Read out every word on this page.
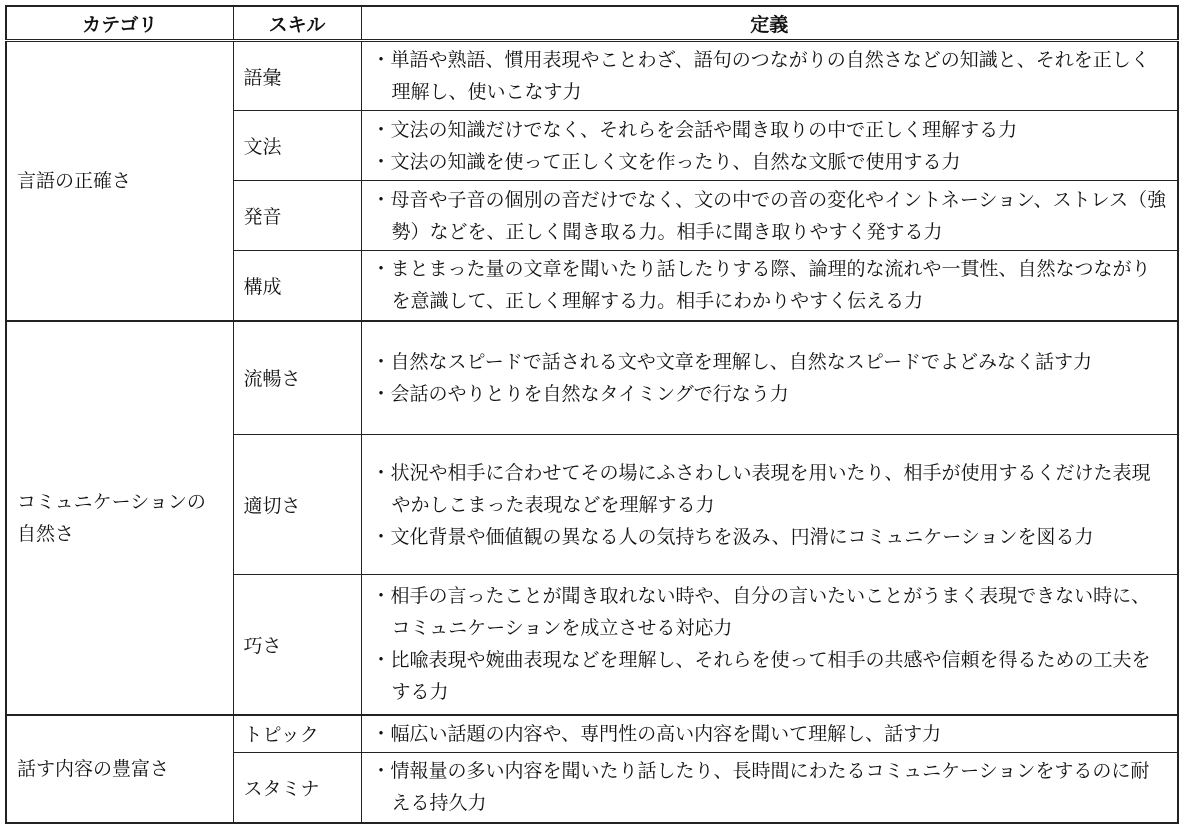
カテゴリ	スキル	定義
言語の正確さ	語彙	・単語や熟語、慣用表現やことわざ、語句のつながりの自然さなどの知識と、それを正しく理解し、使いこなす力

	文法	・文法の知識だけでなく、それらを会話や聞き取りの中で正しく理解する力
・文法の知識を使って正しく文を作ったり、自然な文脈で使用する力

	発音	・母音や子音の個別の音だけでなく、文の中での音の変化やイントネーション、ストレス（強勢）などを、正しく聞き取る力。相手に聞き取りやすく発する力

	構成	・まとまった量の文章を聞いたり話したりする際、論理的な流れや一貫性、自然なつながりを意識して、正しく理解する力。相手にわかりやすく伝える力

コミュニケーションの自然さ	流暢さ	・自然なスピードで話される文や文章を理解し、自然なスピードでよどみなく話す力
・会話のやりとりを自然なタイミングで行なう力

	適切さ	・状況や相手に合わせてその場にふさわしい表現を用いたり、相手が使用するくだけた表現やかしこまった表現などを理解する力
・文化背景や価値観の異なる人の気持ちを汲み、円滑にコミュニケーションを図る力

	巧さ	・相手の言ったことが聞き取れない時や、自分の言いたいことがうまく表現できない時に、コミュニケーションを成立させる対応力
・比喩表現や婉曲表現などを理解し、それらを使って相手の共感や信頼を得るための工夫をする力

話す内容の豊富さ	トピック	・幅広い話題の内容や、専門性の高い内容を聞いて理解し、話す力

	スタミナ	・情報量の多い内容を聞いたり話したり、長時間にわたるコミュニケーションをするのに耐える持久力
